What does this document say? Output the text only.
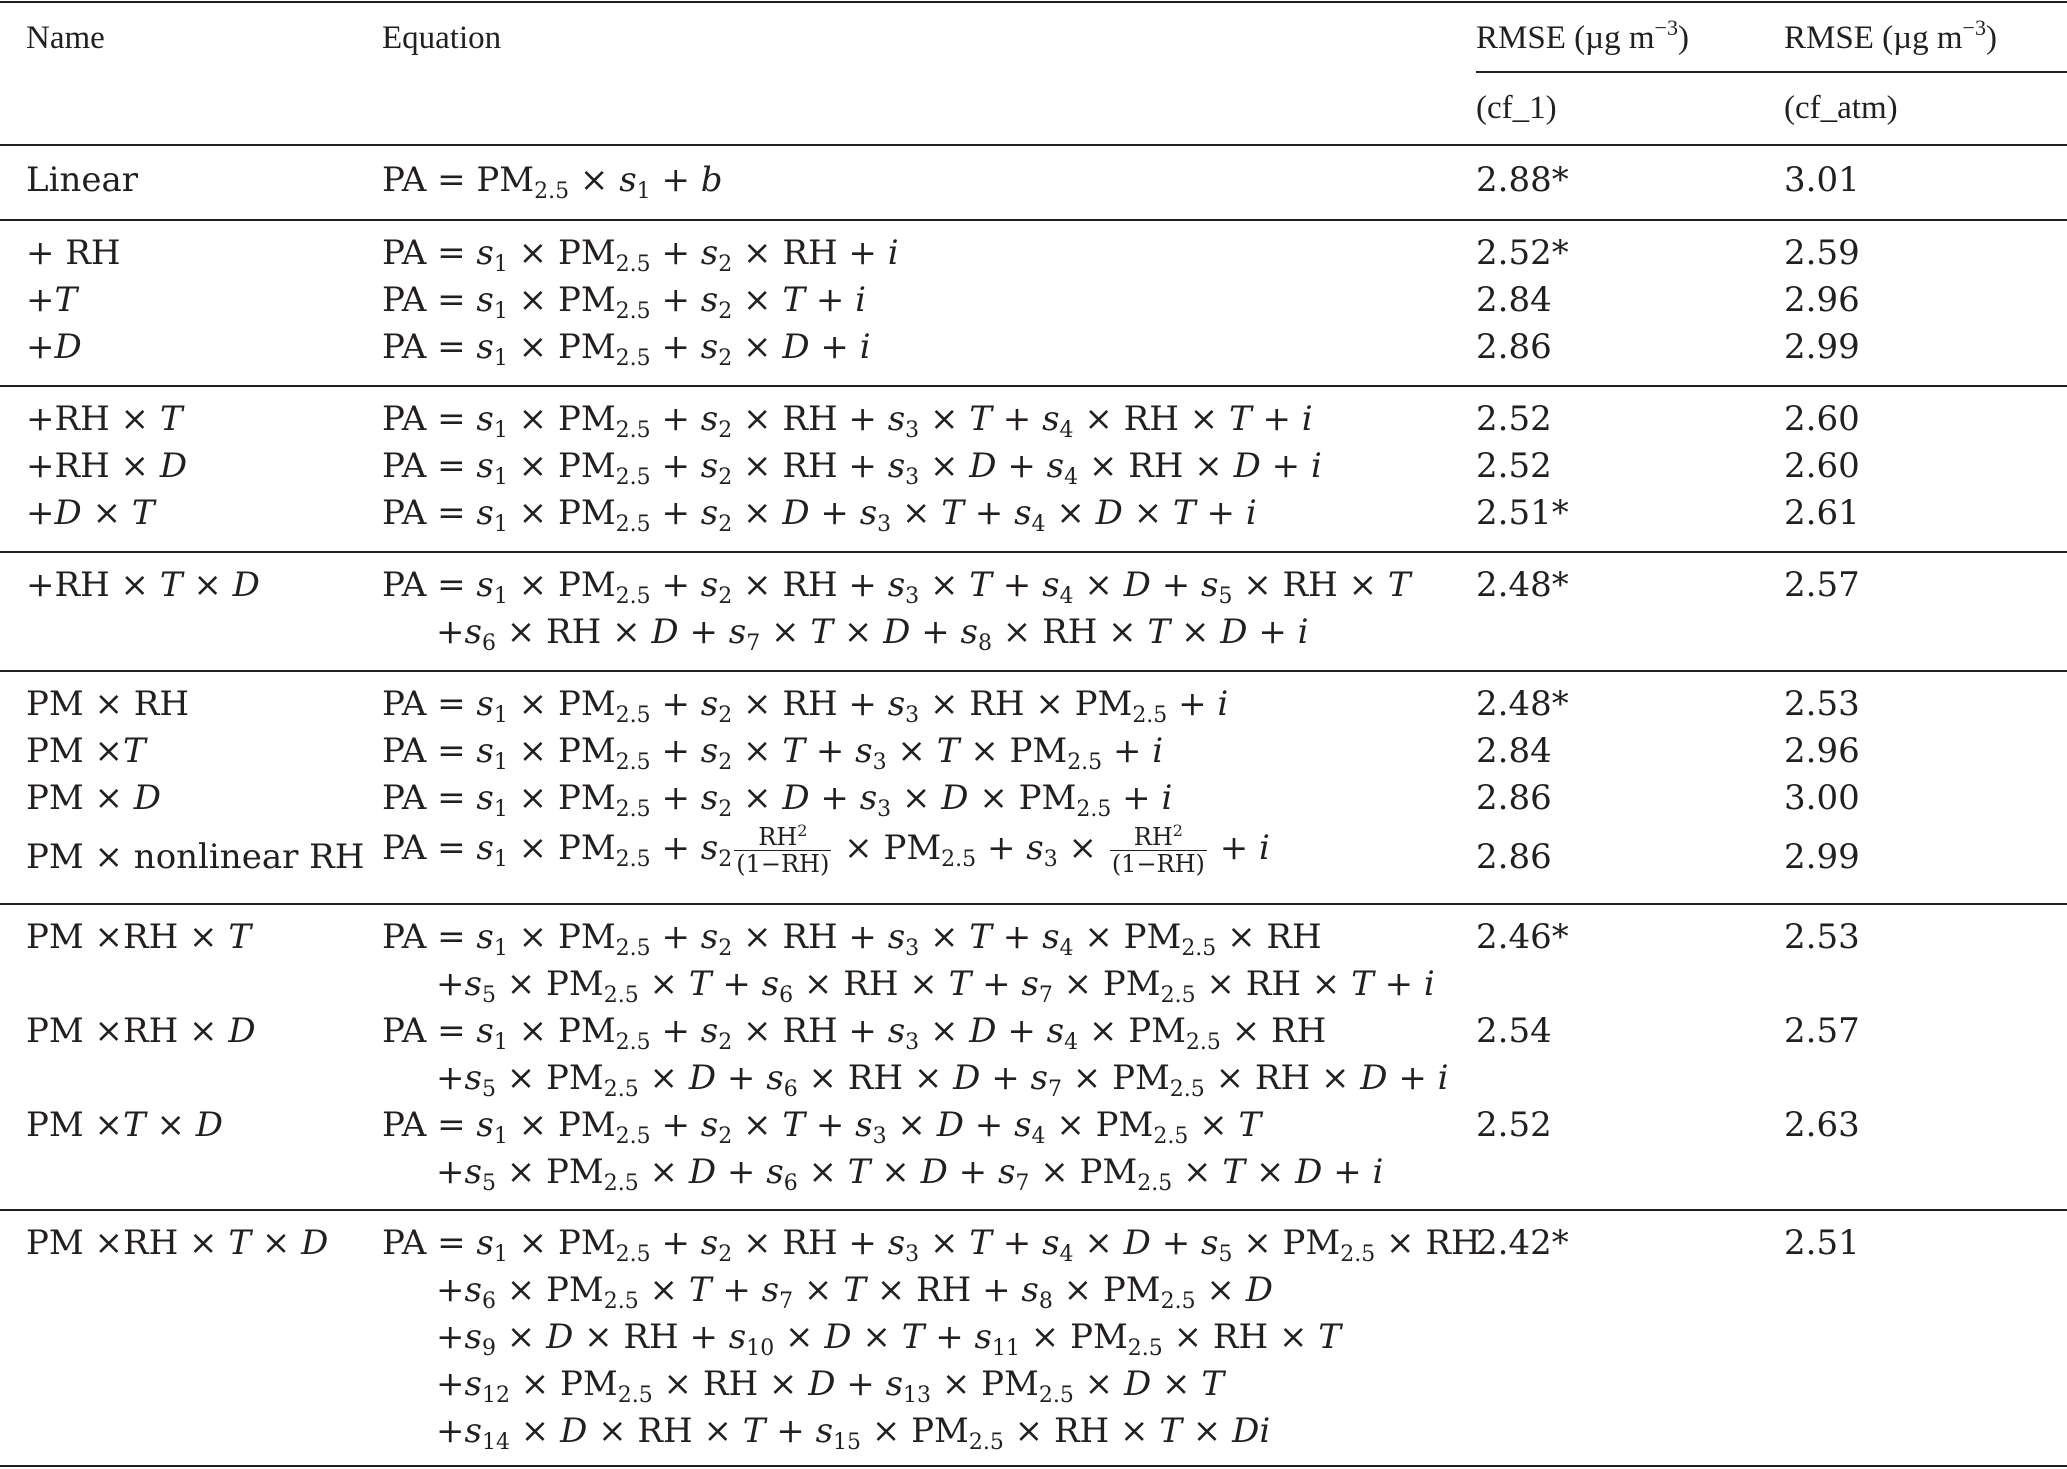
Name	Equation	RMSE (µg $m^{-3}$)	RMSE (µg $m^{-3}$)
(cf_1)	(cf_atm)
Linear	PA = $PM_{2.5} \times s_1 + b$	2.88*	3.01
+ RH	PA = $s_1 \times PM_{2.5} + s_2$ × RH + i	2.52*	2.59
+T	PA = $s_1 \times PM_{2.5} + s_2 \times T + i$	2.84	2.96
+D	PA = $s_1 \times PM_{2.5} + s_2 \times D + i$	2.86	2.99
+RH × T	PA = $s_1 \times PM_{2.5} + s_2$ × RH + $s_3 \times T + s_4$ × RH × T + i	2.52	2.60
+RH × D	PA = $s_1 \times PM_{2.5} + s_2$ × RH + $s_3 \times D + s_4$ × RH × D + i	2.52	2.60
+D × T	PA = $s_1 \times PM_{2.5} + s_2 \times D + s_3 \times T + s_4 \times D \times T + i$	2.51*	2.61
+RH × T × D	PA = $s_1 \times PM_{2.5} + s_2$ × RH + $s_3 \times T + s_4 \times D + s_5$ × RH × T
$+s_6$ × RH × $D + s_7 \times T \times D + s_8$ × RH × T × D + i
2.48*	2.57
PM × RH	PA = $s_1 \times PM_{2.5} + s_2$ × RH + $s_3$ × RH × $PM_{2.5} + i$	2.48*	2.53
PM ×T	PA = $s_1 \times PM_{2.5} + s_2 \times T + s_3 \times T \times PM_{2.5} + i$	2.84	2.96
PM × D	PA = $s_1 \times PM_{2.5} + s_2 \times D + s_3 \times D \times PM_{2.5} + i$	2.86	3.00
PM × nonlinear RH PA = $s_1 \times PM_{2.5} + s_2 \frac{RH^2}{(1-RH)} \times PM_{2.5} + s_3 \times \frac{RH^2}{(1-RH)} + i$	2.86	2.99
PM ×RH × T	PA = $s_1 \times PM_{2.5} + s_2$ × RH + $s_3 \times T + s_4 \times PM_{2.5}$ × RH
$+s_5 \times PM_{2.5} \times T + s_6$ × RH × $T + s_7 \times PM_{2.5}$ × RH × T + i
2.46*	2.53
PM ×RH × D	PA = $s_1 \times PM_{2.5} + s_2$ × RH + $s_3 \times D + s_4 \times PM_{2.5}$ × RH
$+s_5 \times PM_{2.5} \times D + s_6$ × RH × $D + s_7 \times PM_{2.5}$ × RH × D + i
2.54	2.57
PM ×T × D	PA = $s_1 \times PM_{2.5} + s_2 \times T + s_3 \times D + s_4 \times PM_{2.5} \times T$
$+s_5 \times PM_{2.5} \times D + s_6 \times T \times D + s_7 \times PM_{2.5} \times T \times D + i$
2.52	2.63
PM ×RH × T × D PA = $s_1 \times PM_{2.5} + s_2$ × RH + $s_3 \times T + s_4 \times D + s_5 \times PM_{2.5}$ × RH
$+s_6 \times PM_{2.5} \times T + s_7 \times T$ × RH + $s_8 \times PM_{2.5} \times D$
$+s_9 \times D$ × RH + $s_{10} \times D \times T + s_{11} \times PM_{2.5}$ × RH × T
$+s_{12} \times PM_{2.5}$ × RH × $D + s_{13} \times PM_{2.5} \times D \times T$
$+s_{14} \times D$ × RH × $T + s_{15} \times PM_{2.5}$ × RH × T × Di
2.42*	2.51
